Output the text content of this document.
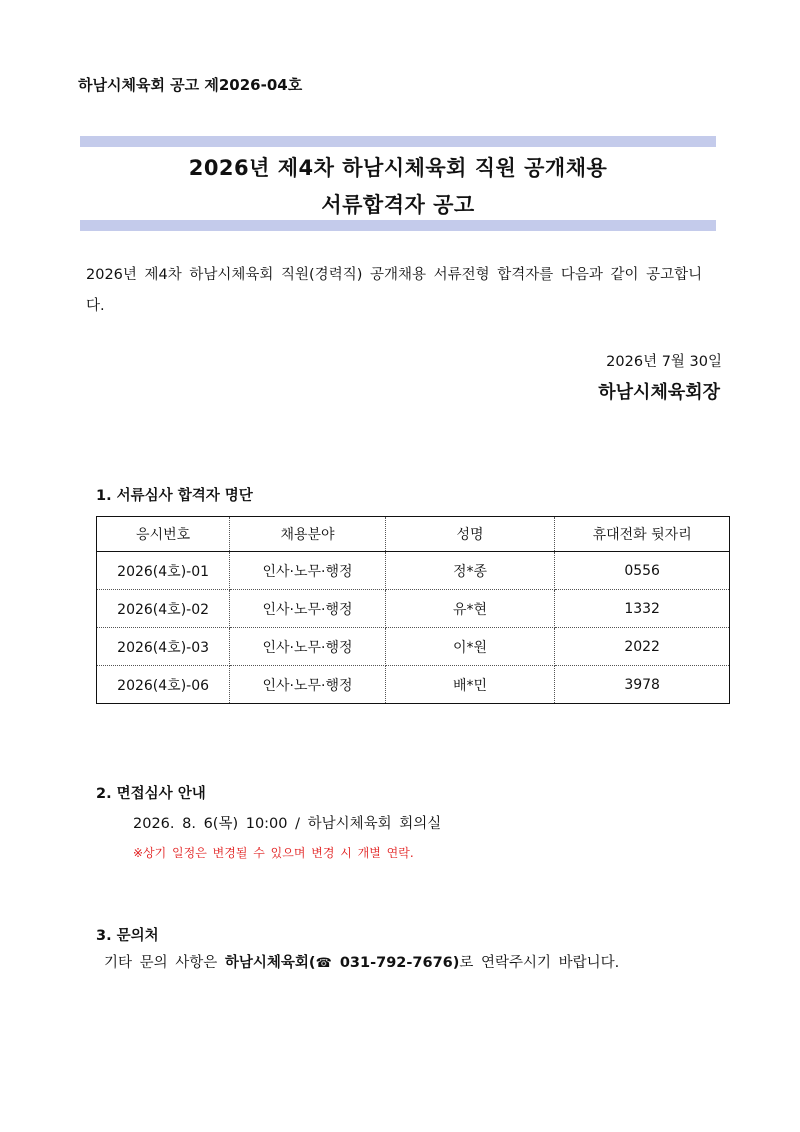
하남시체육회 공고 제2026-04호
2026년 제4차 하남시체육회 직원 공개채용
서류합격자 공고
2026년 제4차 하남시체육회 직원(경력직) 공개채용 서류전형 합격자를 다음과 같이 공고합니다.
2026년 7월 30일
하남시체육회장
1. 서류심사 합격자 명단
응시번호	채용분야	성명	휴대전화 뒷자리
2026(4호)-01	인사·노무·행정	정*종	0556
2026(4호)-02	인사·노무·행정	유*현	1332
2026(4호)-03	인사·노무·행정	이*원	2022
2026(4호)-06	인사·노무·행정	배*민	3978
2. 면접심사 안내
2026. 8. 6(목) 10:00 / 하남시체육회 회의실
※상기 일정은 변경될 수 있으며 변경 시 개별 연락.
3. 문의처
기타 문의 사항은 하남시체육회(☎ 031-792-7676)로 연락주시기 바랍니다.
